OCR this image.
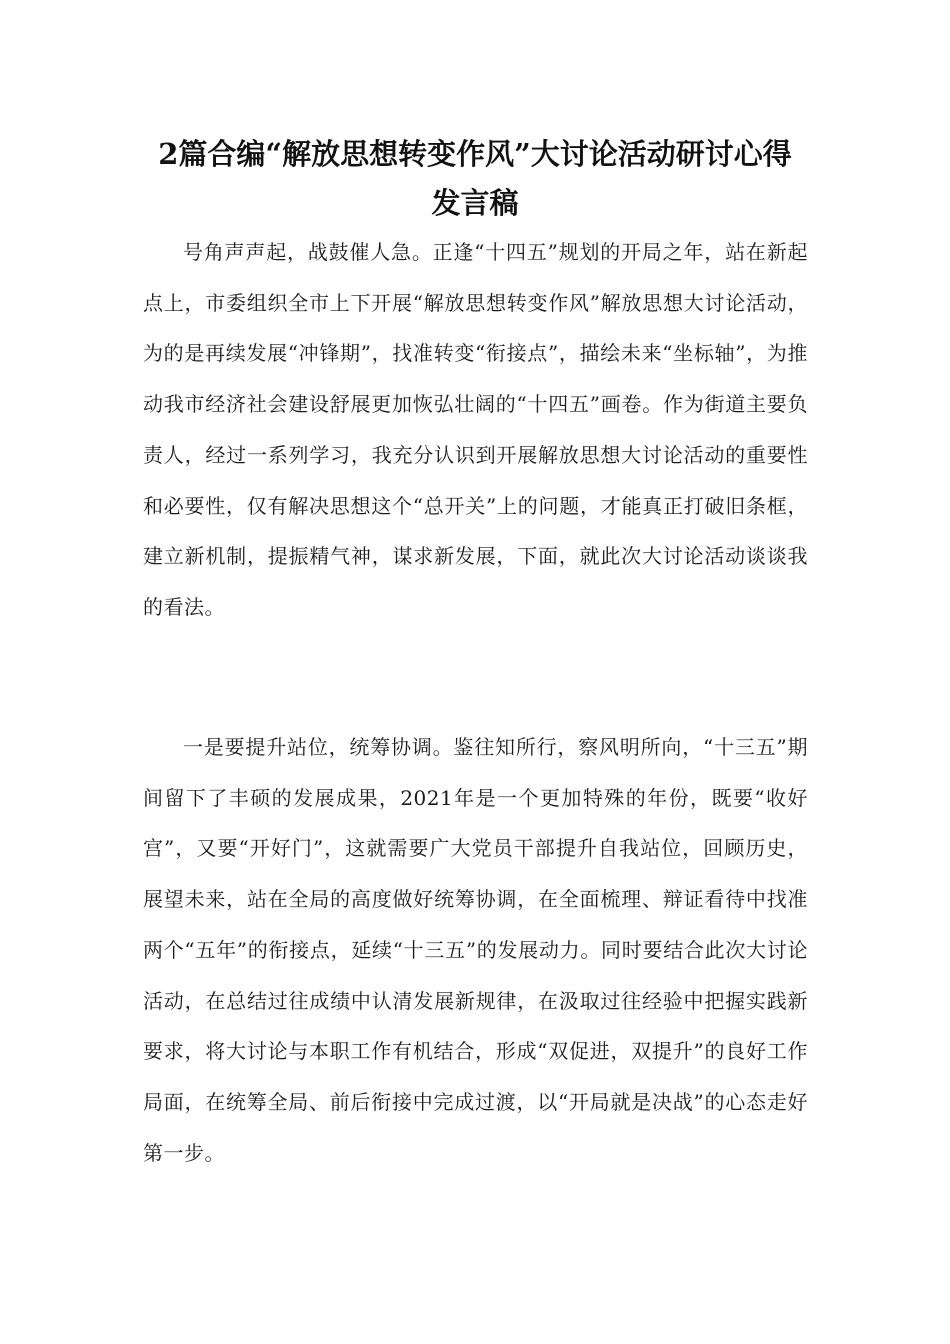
2篇合编“解放思想转变作风”大讨论活动研讨心得
发言稿

号角声声起，战鼓催人急。正逢“十四五”规划的开局之年，站在新起点上，市委组织全市上下开展“解放思想转变作风”解放思想大讨论活动，为的是再续发展“冲锋期”，找准转变“衔接点”，描绘未来“坐标轴”，为推动我市经济社会建设舒展更加恢弘壮阔的“十四五”画卷。作为街道主要负责人，经过一系列学习，我充分认识到开展解放思想大讨论活动的重要性和必要性，仅有解决思想这个“总开关”上的问题，才能真正打破旧条框，建立新机制，提振精气神，谋求新发展，下面，就此次大讨论活动谈谈我的看法。

一是要提升站位，统筹协调。鉴往知所行，察风明所向，“十三五”期间留下了丰硕的发展成果，2021年是一个更加特殊的年份，既要“收好宫”，又要“开好门”，这就需要广大党员干部提升自我站位，回顾历史，展望未来，站在全局的高度做好统筹协调，在全面梳理、辩证看待中找准两个“五年”的衔接点，延续“十三五”的发展动力。同时要结合此次大讨论活动，在总结过往成绩中认清发展新规律，在汲取过往经验中把握实践新要求，将大讨论与本职工作有机结合，形成“双促进，双提升”的良好工作局面，在统筹全局、前后衔接中完成过渡，以“开局就是决战”的心态走好第一步。
